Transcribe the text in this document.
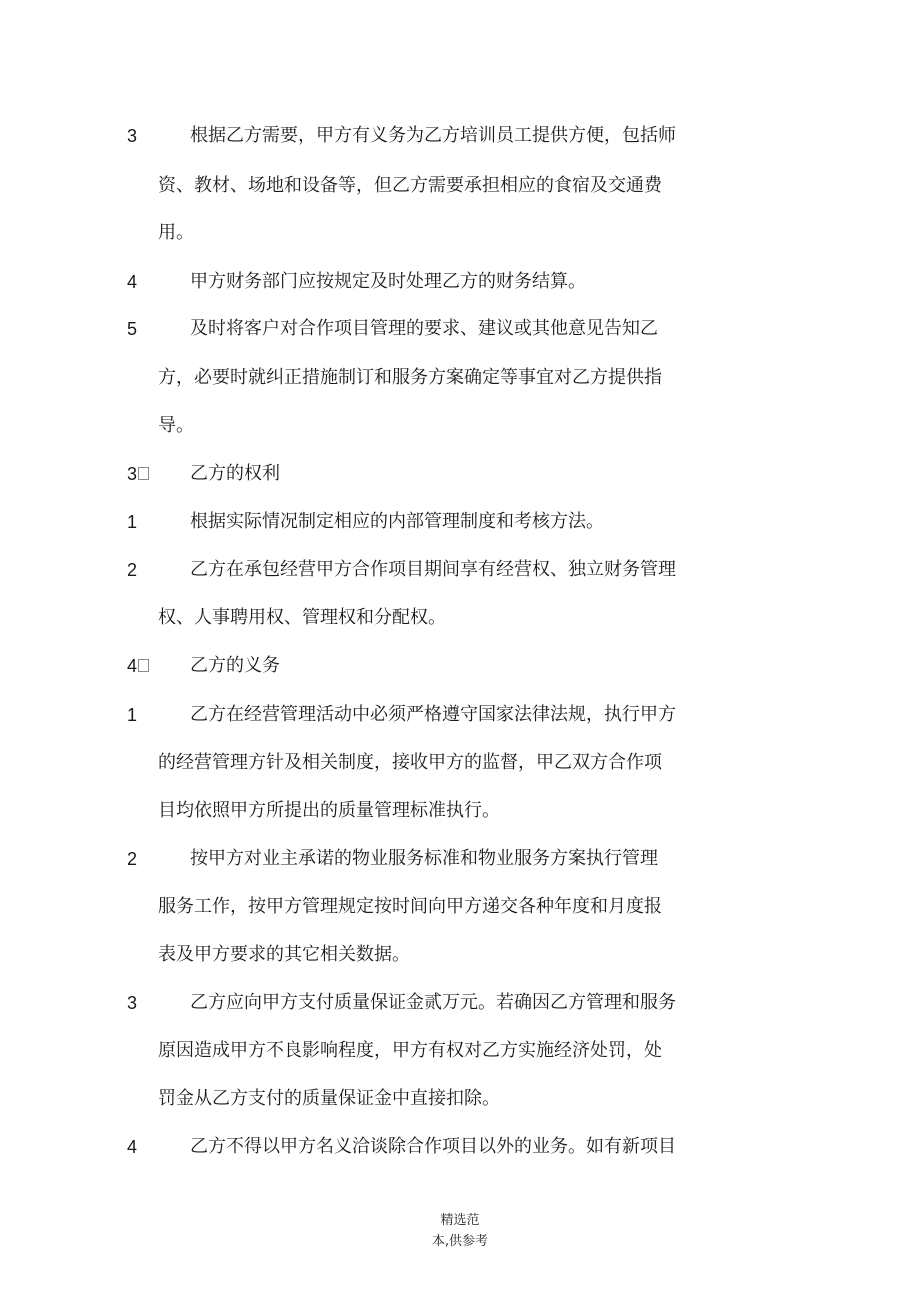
3	根据乙方需要，甲方有义务为乙方培训员工提供方便，包括师
资、教材、场地和设备等，但乙方需要承担相应的食宿及交通费
用。
4	甲方财务部门应按规定及时处理乙方的财务结算。
5	及时将客户对合作项目管理的要求、建议或其他意见告知乙
方，必要时就纠正措施制订和服务方案确定等事宜对乙方提供指
导。
3	乙方的权利
1	根据实际情况制定相应的内部管理制度和考核方法。
2	乙方在承包经营甲方合作项目期间享有经营权、独立财务管理
权、人事聘用权、管理权和分配权。
4	乙方的义务
1	乙方在经营管理活动中必须严格遵守国家法律法规，执行甲方
的经营管理方针及相关制度，接收甲方的监督，甲乙双方合作项
目均依照甲方所提出的质量管理标准执行。
2	按甲方对业主承诺的物业服务标准和物业服务方案执行管理
服务工作，按甲方管理规定按时间向甲方递交各种年度和月度报
表及甲方要求的其它相关数据。
3	乙方应向甲方支付质量保证金贰万元。若确因乙方管理和服务
原因造成甲方不良影响程度，甲方有权对乙方实施经济处罚，处
罚金从乙方支付的质量保证金中直接扣除。
4	乙方不得以甲方名义洽谈除合作项目以外的业务。如有新项目
精选范
本,供参考
